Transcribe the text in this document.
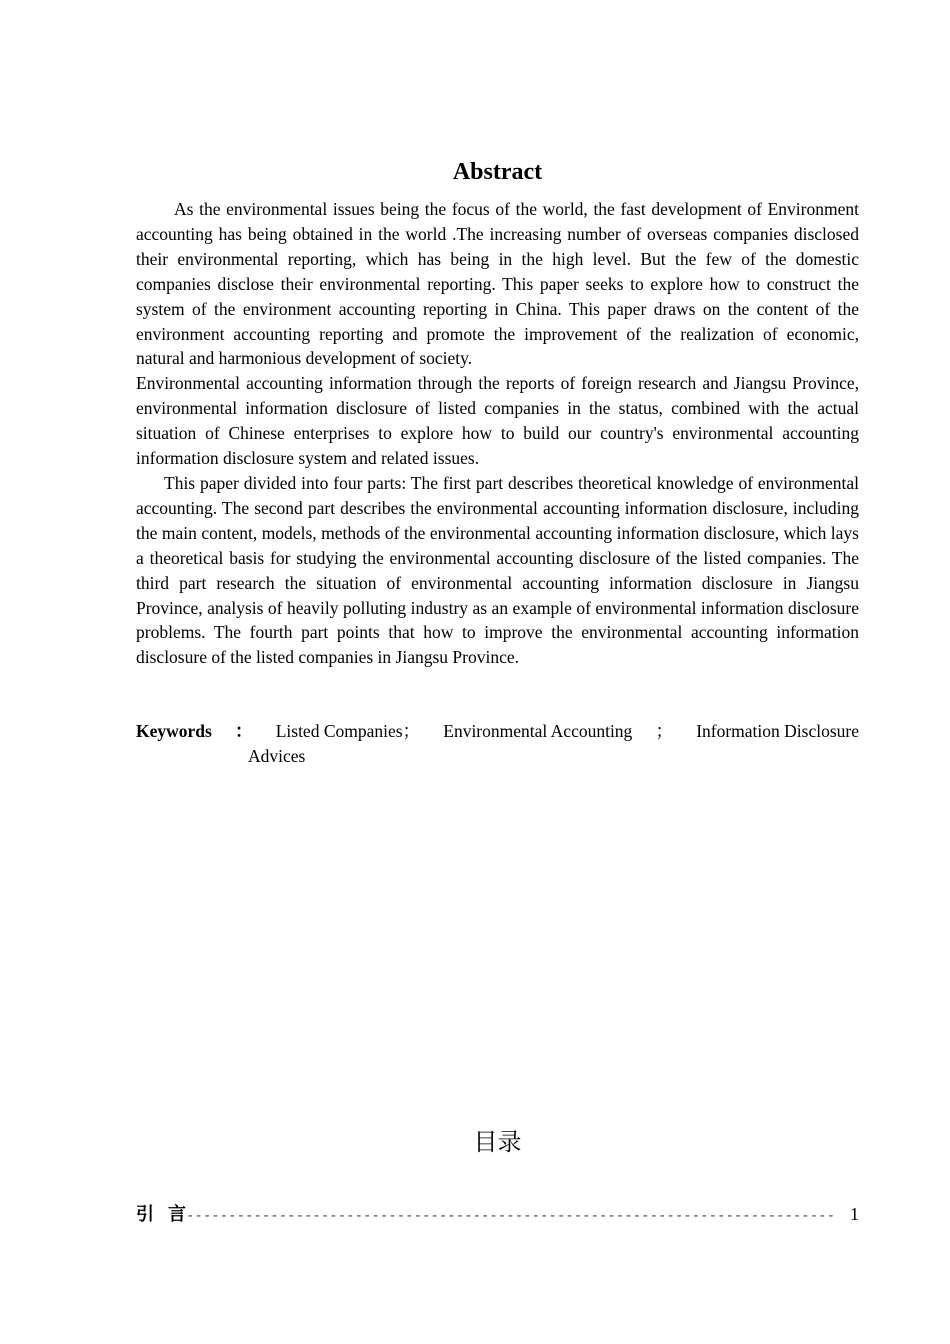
Abstract

As the environmental issues being the focus of the world, the fast development of Environment accounting has being obtained in the world .The increasing number of overseas companies disclosed their environmental reporting, which has being in the high level. But the few of the domestic companies disclose their environmental reporting. This paper seeks to explore how to construct the system of the environment accounting reporting in China. This paper draws on the content of the environment accounting reporting and promote the improvement of the realization of economic, natural and harmonious development of society.

Environmental accounting information through the reports of foreign research and Jiangsu Province, environmental information disclosure of listed companies in the status, combined with the actual situation of Chinese enterprises to explore how to build our country's environmental accounting information disclosure system and related issues.

This paper divided into four parts: The first part describes theoretical knowledge of environmental accounting. The second part describes the environmental accounting information disclosure, including the main content, models, methods of the environmental accounting information disclosure, which lays a theoretical basis for studying the environmental accounting disclosure of the listed companies. The third part research the situation of environmental accounting information disclosure in Jiangsu Province, analysis of heavily polluting industry as an example of environmental information disclosure problems. The fourth part points that how to improve the environmental accounting information disclosure of the listed companies in Jiangsu Province.

Keywords ： Listed Companies； Environmental Accounting ； Information Disclosure
Advices
目录
引言
----------------------------------------------------------------------------- 1
